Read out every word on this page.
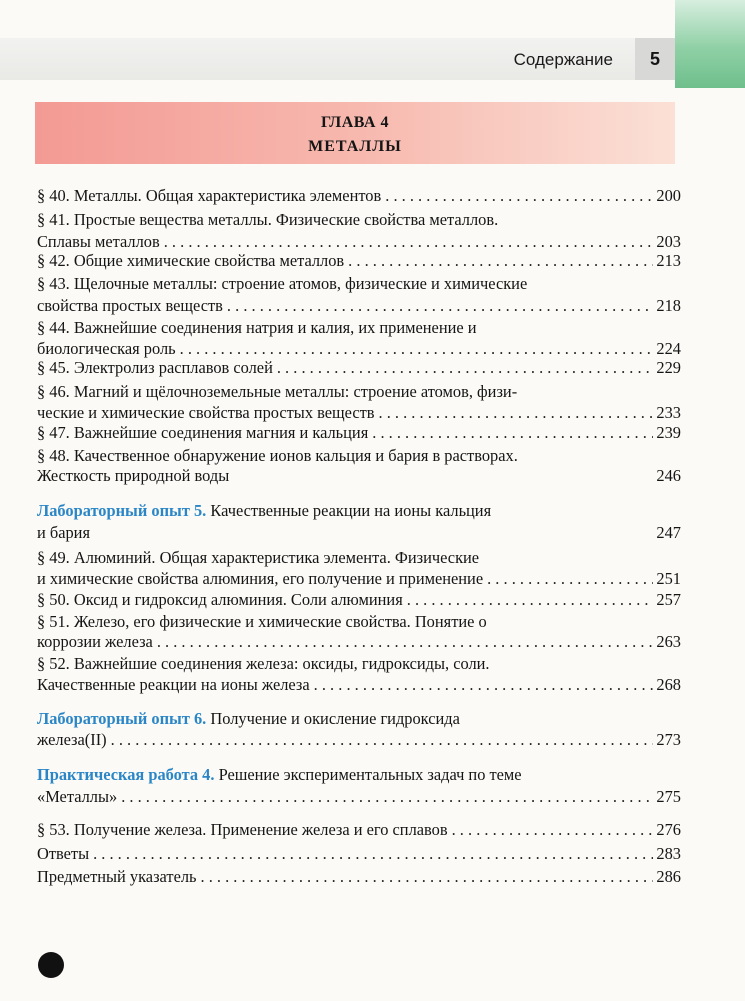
Содержание	5
ГЛАВА 4
МЕТАЛЛЫ
§ 40. Металлы. Общая характеристика элементов . . .	200
§ 41. Простые вещества металлы. Физические свойства металлов.
Сплавы металлов . . .	203
§ 42. Общие химические свойства металлов . . .	213
§ 43. Щелочные металлы: строение атомов, физические и химические
свойства простых веществ . . .	218
§ 44. Важнейшие соединения натрия и калия, их применение и
биологическая роль . . .	224
§ 45. Электролиз расплавов солей . . .	229
§ 46. Магний и щёлочноземельные металлы: строение атомов, физи-
ческие и химические свойства простых веществ . . .	233
§ 47. Важнейшие соединения магния и кальция . . .	239
§ 48. Качественное обнаружение ионов кальция и бария в растворах.
Жесткость природной воды	246
Лабораторный опыт 5. Качественные реакции на ионы кальция
и бария	247
§ 49. Алюминий. Общая характеристика элемента. Физические
и химические свойства алюминия, его получение и применение . . .	251
§ 50. Оксид и гидроксид алюминия. Соли алюминия . . .	257
§ 51. Железо, его физические и химические свойства. Понятие о
коррозии железа . . .	263
§ 52. Важнейшие соединения железа: оксиды, гидроксиды, соли.
Качественные реакции на ионы железа . . .	268
Лабораторный опыт 6. Получение и окисление гидроксида
железа(II) . . .	273
Практическая работа 4. Решение экспериментальных задач по теме
«Металлы» . . .	275
§ 53. Получение железа. Применение железа и его сплавов . . .	276
Ответы . . .	283
Предметный указатель . . .	286
